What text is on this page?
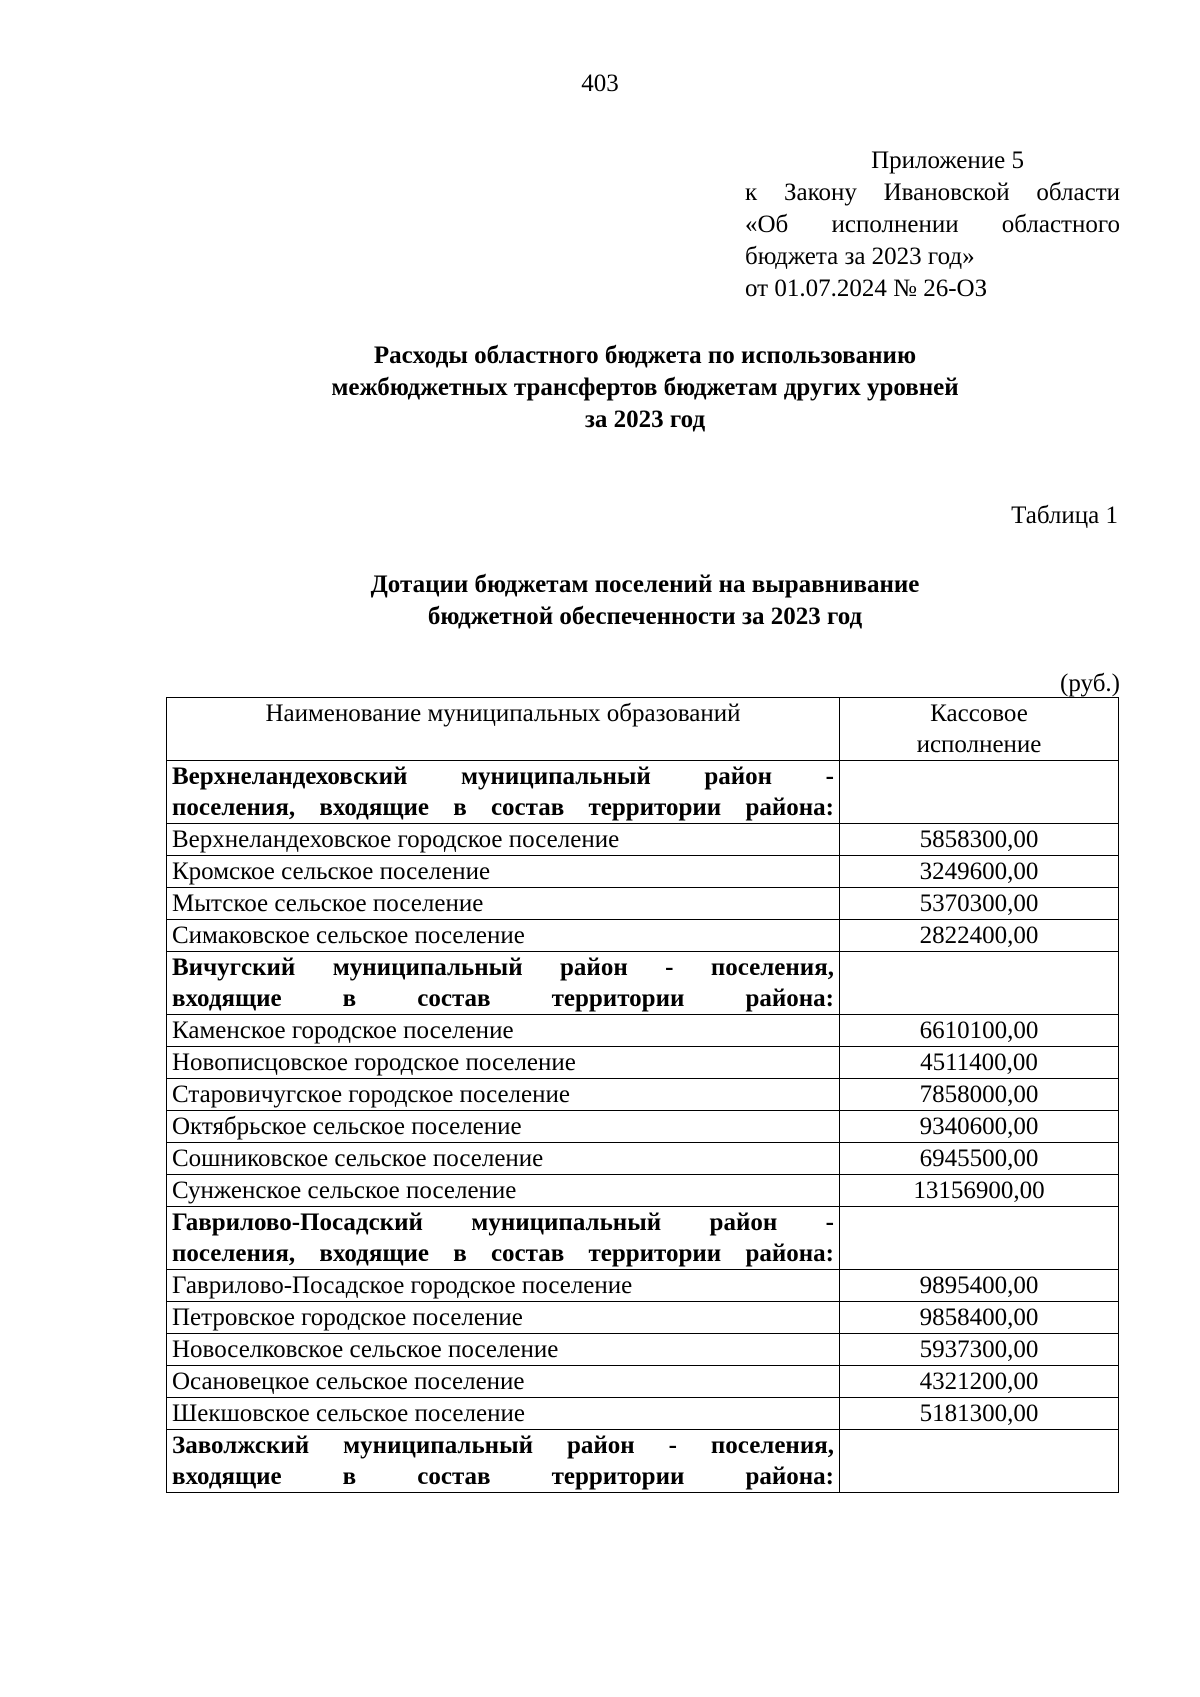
403
Приложение 5
к Закону Ивановской области
«Об исполнении областного
бюджета за 2023 год»
от 01.07.2024 № 26-ОЗ
Расходы областного бюджета по использованию
межбюджетных трансфертов бюджетам других уровней
за 2023 год
Таблица 1
Дотации бюджетам поселений на выравнивание
бюджетной обеспеченности за 2023 год
(руб.)
Наименование муниципальных образований	Кассовое
исполнение

Верхнеландеховский муниципальный район -
поселения, входящие в состав территории района:	

Верхнеландеховское городское поселение	5858300,00
Кромское сельское поселение	3249600,00
Мытское сельское поселение	5370300,00
Симаковское сельское поселение	2822400,00

Вичугский муниципальный район - поселения,
входящие в состав территории района:	

Каменское городское поселение	6610100,00
Новописцовское городское поселение	4511400,00
Старовичугское городское поселение	7858000,00
Октябрьское сельское поселение	9340600,00
Сошниковское сельское поселение	6945500,00
Сунженское сельское поселение	13156900,00

Гаврилово-Посадский муниципальный район -
поселения, входящие в состав территории района:	

Гаврилово-Посадское городское поселение	9895400,00
Петровское городское поселение	9858400,00
Новоселковское сельское поселение	5937300,00
Осановецкое сельское поселение	4321200,00
Шекшовское сельское поселение	5181300,00

Заволжский муниципальный район - поселения,
входящие в состав территории района:	
